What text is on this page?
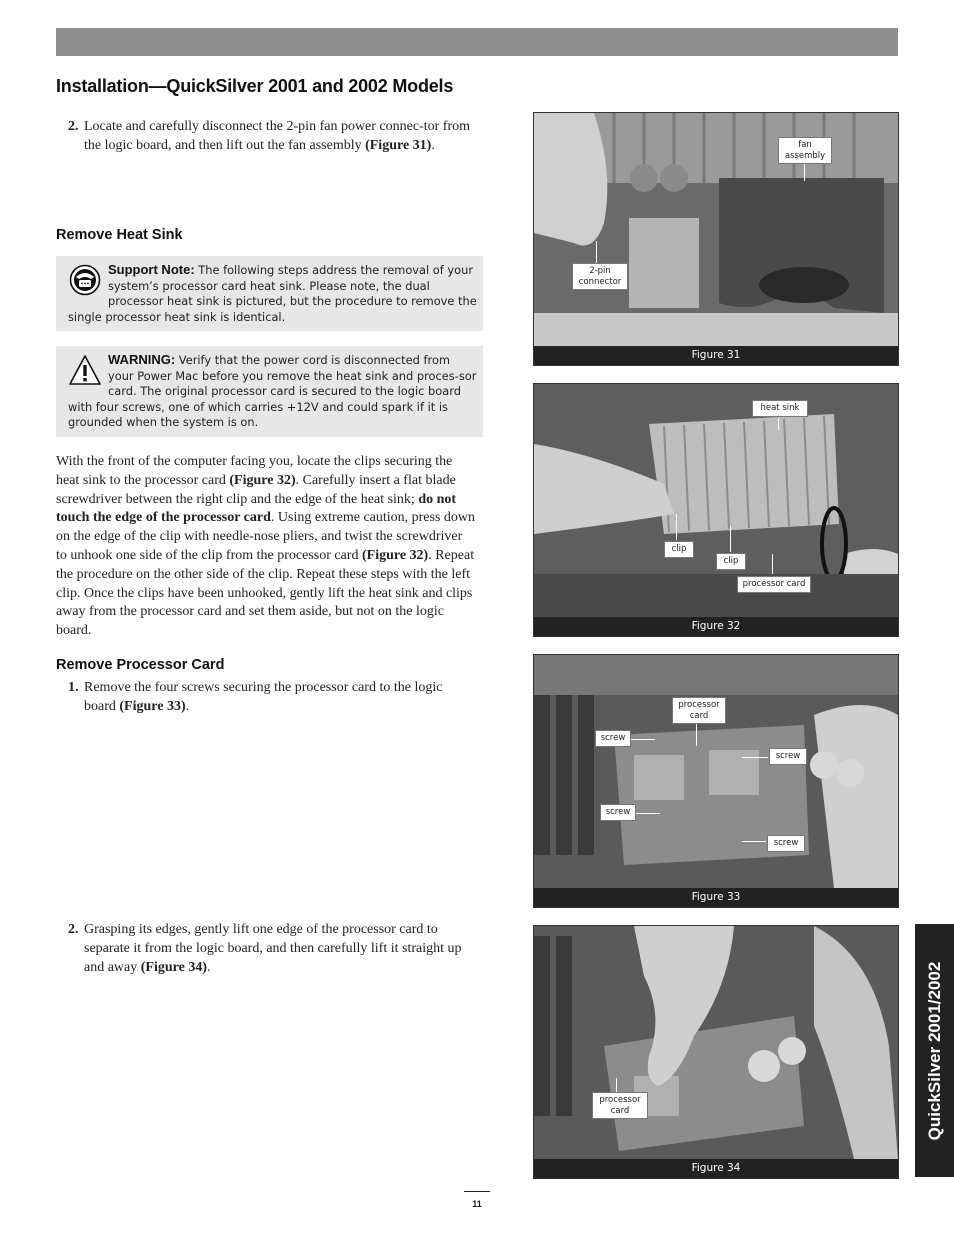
Installation—QuickSilver 2001 and 2002 Models
2. Locate and carefully disconnect the 2-pin fan power connec-tor from the logic board, and then lift out the fan assembly (Figure 31).
Remove Heat Sink
Support Note: The following steps address the removal of your system’s processor card heat sink. Please note, the dual processor heat sink is pictured, but the procedure to remove the single processor heat sink is identical.
WARNING: Verify that the power cord is disconnected from your Power Mac before you remove the heat sink and proces-sor card. The original processor card is secured to the logic board with four screws, one of which carries +12V and could spark if it is grounded when the system is on.
With the front of the computer facing you, locate the clips securing the heat sink to the processor card (Figure 32). Carefully insert a flat blade screwdriver between the right clip and the edge of the heat sink; do not touch the edge of the processor card. Using extreme caution, press down on the edge of the clip with needle-nose pliers, and twist the screwdriver to unhook one side of the clip from the processor card (Figure 32). Repeat the procedure on the other side of the clip. Repeat these steps with the left clip. Once the clips have been unhooked, gently lift the heat sink and clips away from the processor card and set them aside, but not on the logic board.
Remove Processor Card
1. Remove the four screws securing the processor card to the logic board (Figure 33).
2. Grasping its edges, gently lift one edge of the processor card to separate it from the logic board, and then carefully lift it straight up and away (Figure 34).
fan
assembly
2-pin
connector
Figure 31
heat sink
clip
clip
processor card
Figure 32
processor
card
screw
screw
screw
screw
Figure 33
processor
card
Figure 34
QuickSilver 2001/2002
11
